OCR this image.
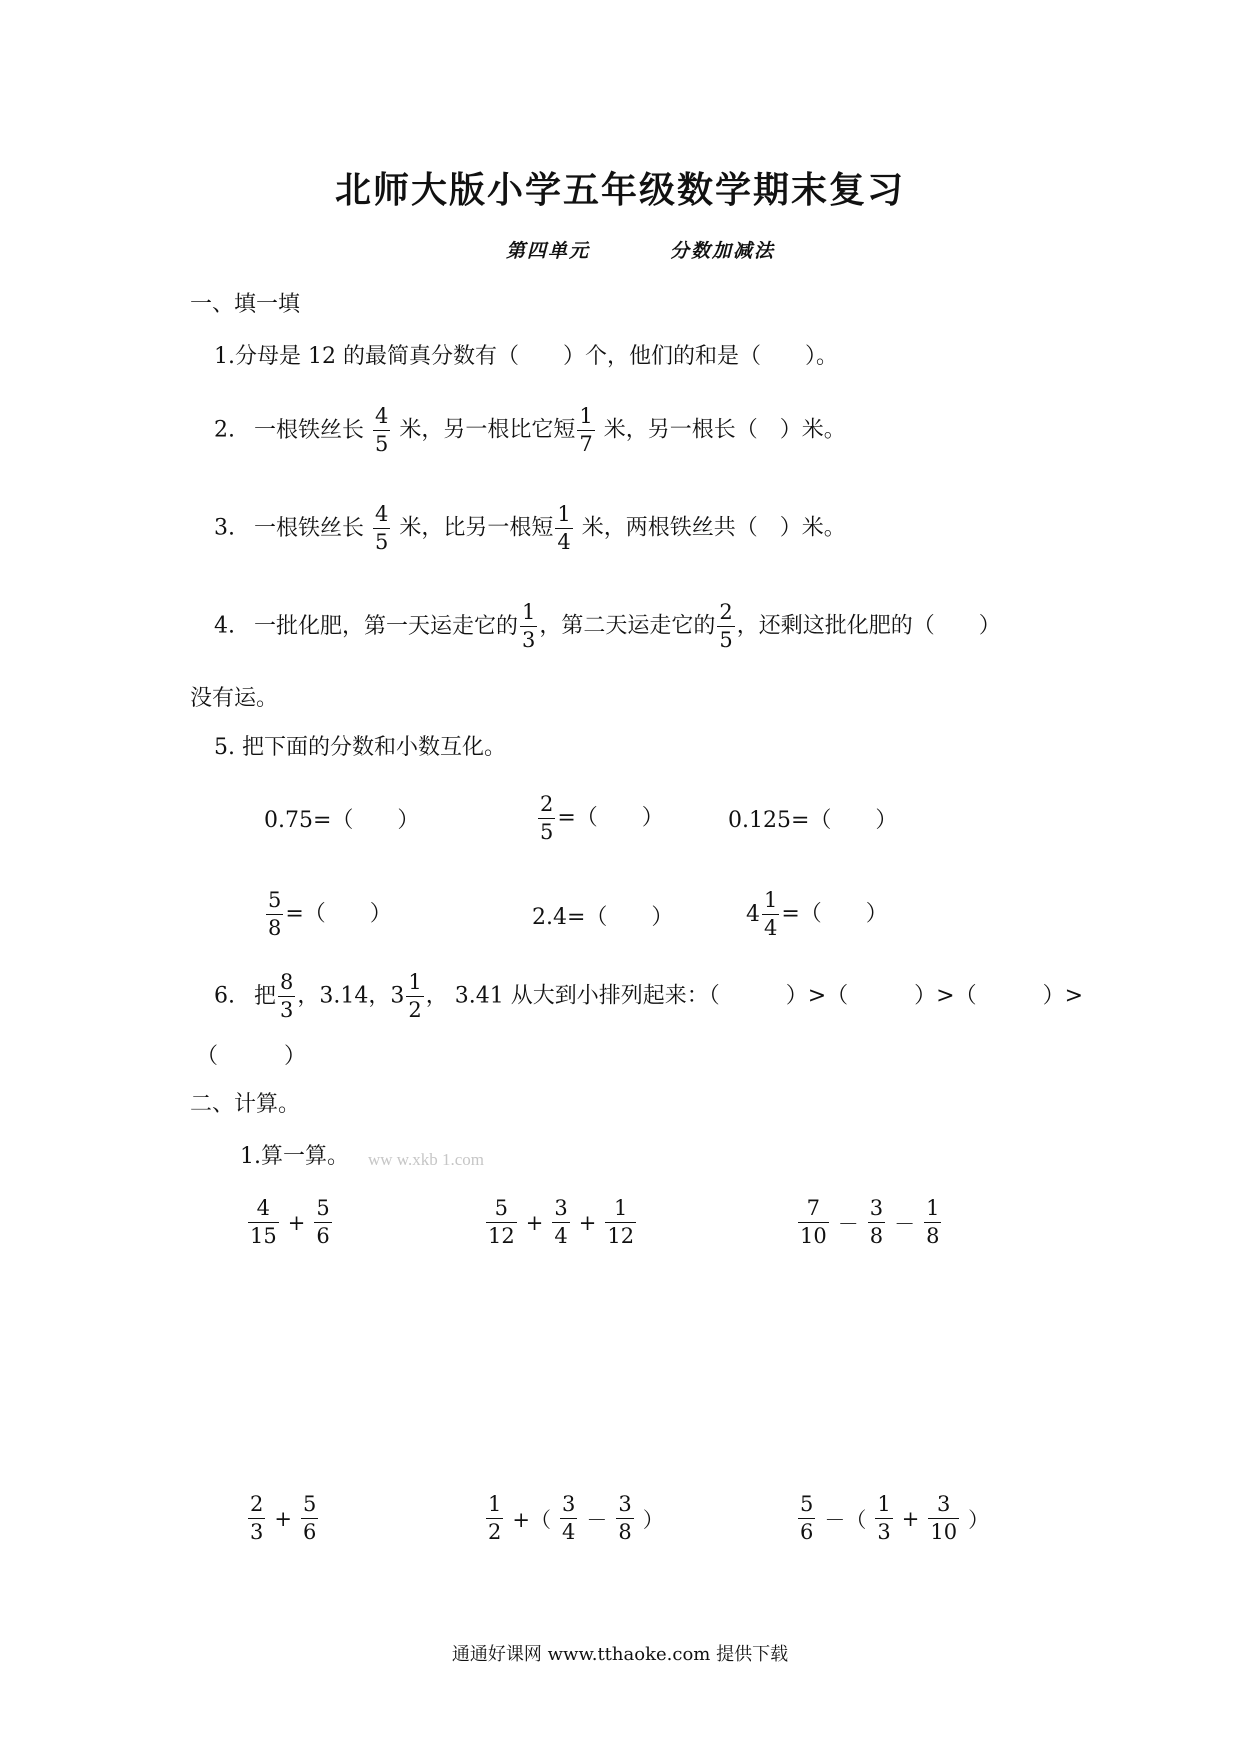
北师大版小学五年级数学期末复习
第四单元	分数加减法
一、填一填
1.分母是 12 的最简真分数有（　　）个，他们的和是（　　）。
2. 一根铁丝长 $\frac{4}{5}$ 米，另一根比它短 $\frac{1}{7}$ 米，另一根长（　）米。
3. 一根铁丝长 $\frac{4}{5}$ 米，比另一根短 $\frac{1}{4}$ 米，两根铁丝共（　）米。
4. 一批化肥，第一天运走它的 $\frac{1}{3}$ ，第二天运走它的 $\frac{2}{5}$ ，还剩这批化肥的（　　）
没有运。
5. 把下面的分数和小数互化。
0.75=（　　）	$\frac{2}{5}$ =（　　）	0.125=（　　）
$\frac{5}{8}$ =（　　）	2.4=（　　）	$4 \frac{1}{4}$ =（　　）
6. 把 $\frac{8}{3}$ ，3.14，$3 \frac{1}{2}$ ， 3.41 从大到小排列起来：（　　　）>（　　　）>（　　　）>
（　　　）
二、计算。
1.算一算。 ww w.xkb 1.com
$\frac{4}{15} + \frac{5}{6}$	$\frac{5}{12} + \frac{3}{4} + \frac{1}{12}$	$\frac{7}{10} - \frac{3}{8} - \frac{1}{8}$
$\frac{2}{3} + \frac{5}{6}$	$\frac{1}{2}$ +（ $\frac{3}{4} - \frac{3}{8}$ ）	$\frac{5}{6}$ －（ $\frac{1}{3} + \frac{3}{10}$ ）
通通好课网 www.tthaoke.com 提供下载
